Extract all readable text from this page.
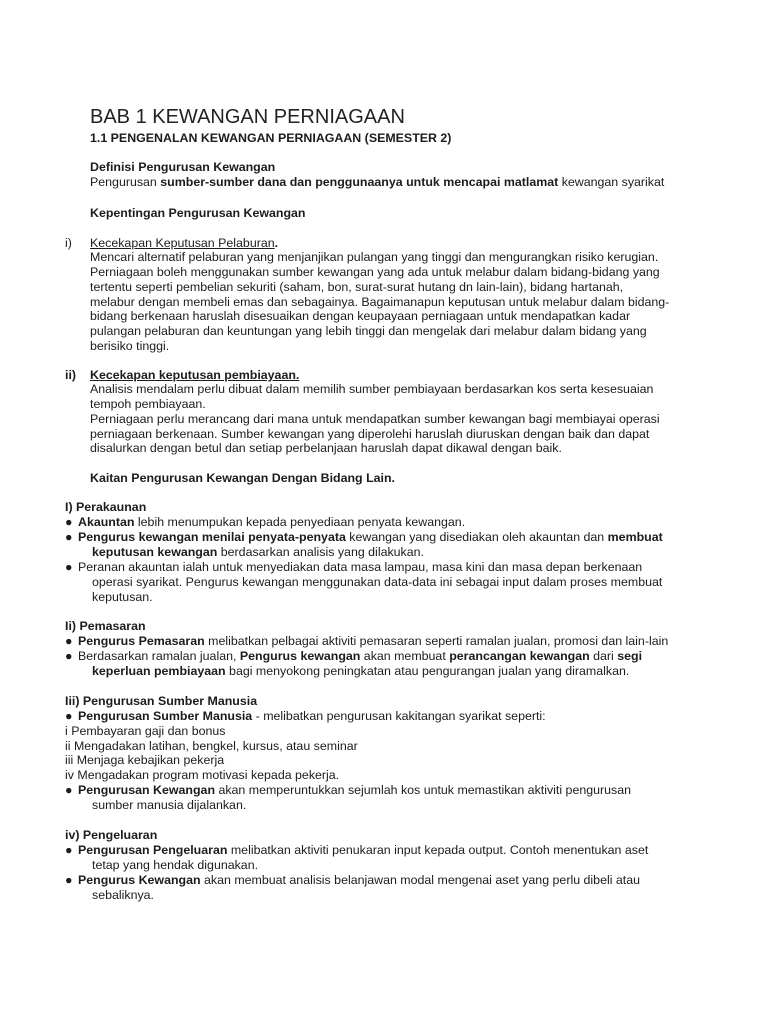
BAB 1 KEWANGAN PERNIAGAAN
1.1 PENGENALAN KEWANGAN PERNIAGAAN (SEMESTER 2)
Definisi Pengurusan Kewangan
Pengurusan sumber-sumber dana dan penggunaanya untuk mencapai matlamat kewangan syarikat
Kepentingan Pengurusan Kewangan
i) Kecekapan Keputusan Pelaburan.
Mencari alternatif pelaburan yang menjanjikan pulangan yang tinggi dan mengurangkan risiko kerugian.
Perniagaan boleh menggunakan sumber kewangan yang ada untuk melabur dalam bidang-bidang yang
tertentu seperti pembelian sekuriti (saham, bon, surat-surat hutang dn lain-lain), bidang hartanah,
melabur dengan membeli emas dan sebagainya. Bagaimanapun keputusan untuk melabur dalam bidang-
bidang berkenaan haruslah disesuaikan dengan keupayaan perniagaan untuk mendapatkan kadar
pulangan pelaburan dan keuntungan yang lebih tinggi dan mengelak dari melabur dalam bidang yang
berisiko tinggi.
ii) Kecekapan keputusan pembiayaan.
Analisis mendalam perlu dibuat dalam memilih sumber pembiayaan berdasarkan kos serta kesesuaian
tempoh pembiayaan.
Perniagaan perlu merancang dari mana untuk mendapatkan sumber kewangan bagi membiayai operasi
perniagaan berkenaan. Sumber kewangan yang diperolehi haruslah diuruskan dengan baik dan dapat
disalurkan dengan betul dan setiap perbelanjaan haruslah dapat dikawal dengan baik.
Kaitan Pengurusan Kewangan Dengan Bidang Lain.
I) Perakaunan
● Akauntan lebih menumpukan kepada penyediaan penyata kewangan.
● Pengurus kewangan menilai penyata-penyata kewangan yang disediakan oleh akauntan dan membuat
keputusan kewangan berdasarkan analisis yang dilakukan.
● Peranan akauntan ialah untuk menyediakan data masa lampau, masa kini dan masa depan berkenaan
operasi syarikat. Pengurus kewangan menggunakan data-data ini sebagai input dalam proses membuat
keputusan.
Ii) Pemasaran
● Pengurus Pemasaran melibatkan pelbagai aktiviti pemasaran seperti ramalan jualan, promosi dan lain-lain
● Berdasarkan ramalan jualan, Pengurus kewangan akan membuat perancangan kewangan dari segi
keperluan pembiayaan bagi menyokong peningkatan atau pengurangan jualan yang diramalkan.
Iii) Pengurusan Sumber Manusia
● Pengurusan Sumber Manusia - melibatkan pengurusan kakitangan syarikat seperti:
i Pembayaran gaji dan bonus
ii Mengadakan latihan, bengkel, kursus, atau seminar
iii Menjaga kebajikan pekerja
iv Mengadakan program motivasi kepada pekerja.
● Pengurusan Kewangan akan memperuntukkan sejumlah kos untuk memastikan aktiviti pengurusan
sumber manusia dijalankan.
iv) Pengeluaran
● Pengurusan Pengeluaran melibatkan aktiviti penukaran input kepada output. Contoh menentukan aset
tetap yang hendak digunakan.
● Pengurus Kewangan akan membuat analisis belanjawan modal mengenai aset yang perlu dibeli atau
sebaliknya.
